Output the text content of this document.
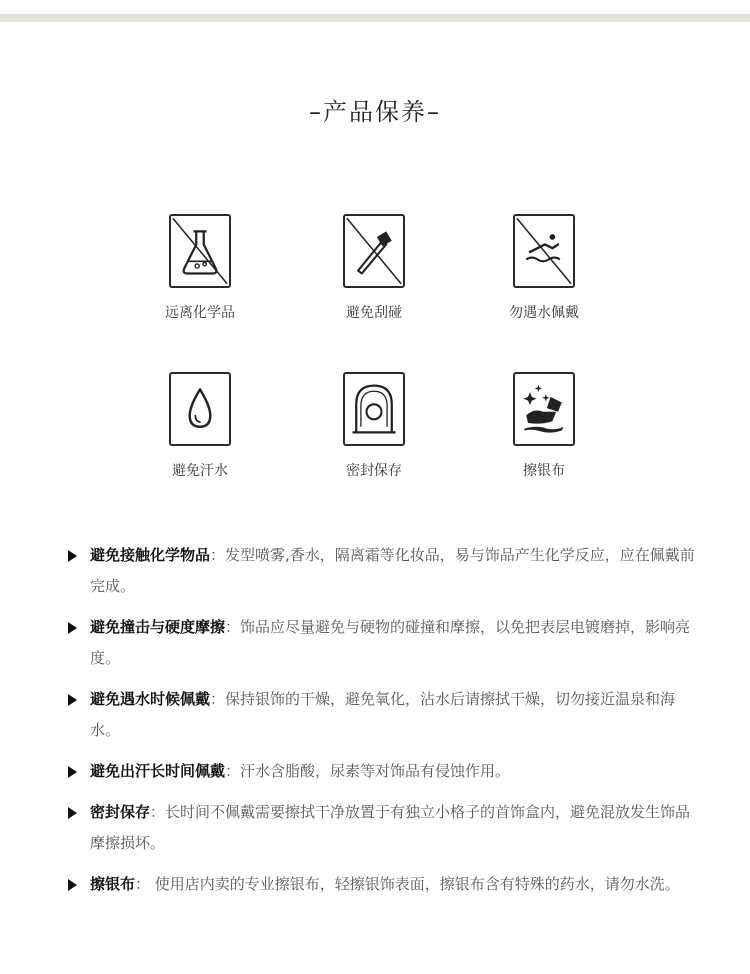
–产品保养–
远离化学品	避免刮碰	勿遇水佩戴
避免汗水	密封保存	擦银布
避免接触化学物品：发型喷雾,香水，隔离霜等化妆品，易与饰品产生化学反应，应在佩戴前完成。
避免撞击与硬度摩擦：饰品应尽量避免与硬物的碰撞和摩擦，以免把表层电镀磨掉，影响亮度。
避免遇水时候佩戴：保持银饰的干燥，避免氧化，沾水后请擦拭干燥，切勿接近温泉和海水。
避免出汗长时间佩戴：汗水含脂酸，尿素等对饰品有侵蚀作用。
密封保存：长时间不佩戴需要擦拭干净放置于有独立小格子的首饰盒内，避免混放发生饰品摩擦损坏。
擦银布： 使用店内卖的专业擦银布，轻擦银饰表面，擦银布含有特殊的药水，请勿水洗。
